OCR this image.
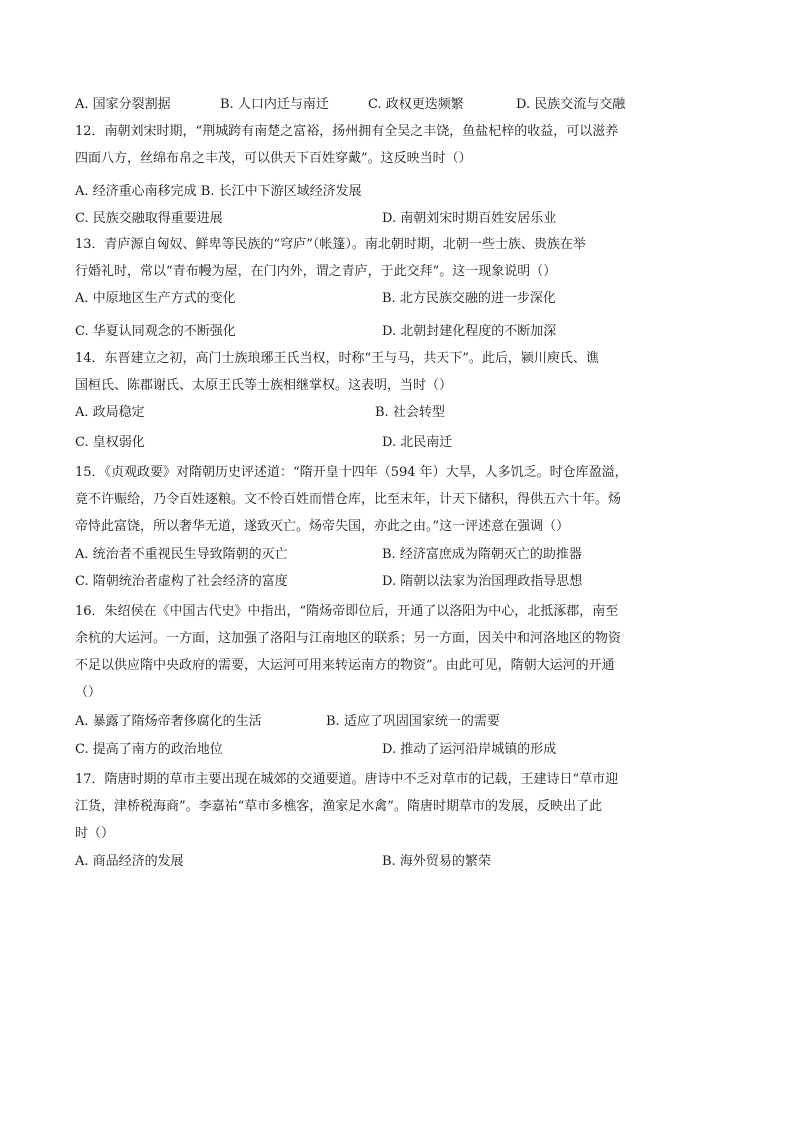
A. 国家分裂割据	B. 人口内迁与南迁	C. 政权更迭频繁	D. 民族交流与交融
12．南朝刘宋时期，“荆城跨有南楚之富裕，扬州拥有全吴之丰饶，鱼盐杞梓的收益，可以滋养
四面八方，丝绵布帛之丰茂，可以供天下百姓穿戴”。这反映当时（）
A. 经济重心南移完成 B. 长江中下游区域经济发展
C. 民族交融取得重要进展	D. 南朝刘宋时期百姓安居乐业
13．青庐源自匈奴、鲜卑等民族的“穹庐”（帐篷）。南北朝时期，北朝一些士族、贵族在举
行婚礼时，常以“青布幔为屋，在门内外，谓之青庐，于此交拜”。这一现象说明（）
A. 中原地区生产方式的变化	B. 北方民族交融的进一步深化
C. 华夏认同观念的不断强化	D. 北朝封建化程度的不断加深
14．东晋建立之初，高门士族琅琊王氏当权，时称“王与马，共天下”。此后，颍川庾氏、谯
国桓氏、陈郡谢氏、太原王氏等士族相继掌权。这表明，当时（）
A. 政局稳定	B. 社会转型
C. 皇权弱化	D. 北民南迁
15．《贞观政要》对隋朝历史评述道：“隋开皇十四年（594 年）大旱，人多饥乏。时仓库盈溢，
竟不许赈给，乃令百姓逐粮。文不怜百姓而惜仓库，比至末年，计天下储积，得供五六十年。炀
帝恃此富饶，所以奢华无道，遂致灭亡。炀帝失国，亦此之由。”这一评述意在强调（）
A. 统治者不重视民生导致隋朝的灭亡	B. 经济富庶成为隋朝灭亡的助推器
C. 隋朝统治者虚构了社会经济的富度	D. 隋朝以法家为治国理政指导思想
16．朱绍侯在《中国古代史》中指出，“隋炀帝即位后，开通了以洛阳为中心，北抵涿郡，南至
余杭的大运河。一方面，这加强了洛阳与江南地区的联系；另一方面，因关中和河洛地区的物资
不足以供应隋中央政府的需要，大运河可用来转运南方的物资”。由此可见，隋朝大运河的开通
（）
A. 暴露了隋炀帝奢侈腐化的生活	B. 适应了巩固国家统一的需要
C. 提高了南方的政治地位	D. 推动了运河沿岸城镇的形成
17．隋唐时期的草市主要出现在城郊的交通要道。唐诗中不乏对草市的记载，王建诗日“草市迎
江货，津桥税海商”。李嘉祐“草市多樵客，渔家足水禽”。隋唐时期草市的发展，反映出了此
时（）
A. 商品经济的发展	B. 海外贸易的繁荣
